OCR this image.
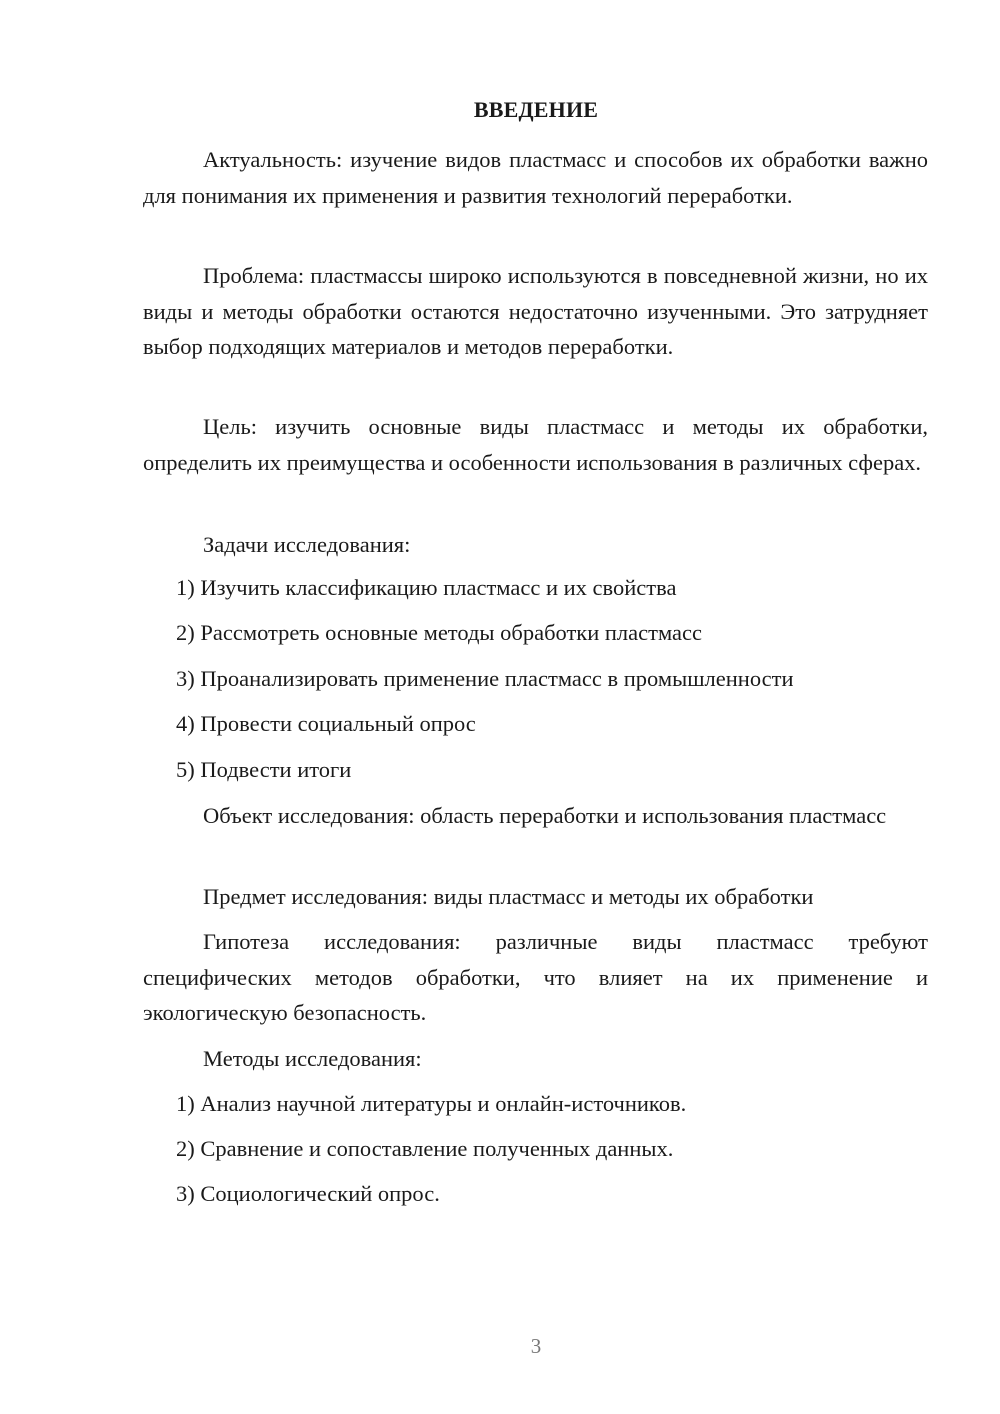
ВВЕДЕНИЕ

Актуальность: изучение видов пластмасс и способов их обработки важно для понимания их применения и развития технологий переработки.

Проблема: пластмассы широко используются в повседневной жизни, но их виды и методы обработки остаются недостаточно изученными. Это затрудняет выбор подходящих материалов и методов переработки.

Цель: изучить основные виды пластмасс и методы их обработки, определить их преимущества и особенности использования в различных сферах.

Задачи исследования:

1) Изучить классификацию пластмасс и их свойства
2) Рассмотреть основные методы обработки пластмасс
3) Проанализировать применение пластмасс в промышленности
4) Провести социальный опрос
5) Подвести итоги

Объект исследования: область переработки и использования пластмасс

Предмет исследования: виды пластмасс и методы их обработки

Гипотеза исследования: различные виды пластмасс требуют специфических методов обработки, что влияет на их применение и экологическую безопасность.

Методы исследования:

1) Анализ научной литературы и онлайн-источников.
2) Сравнение и сопоставление полученных данных.
3) Социологический опрос.
3
